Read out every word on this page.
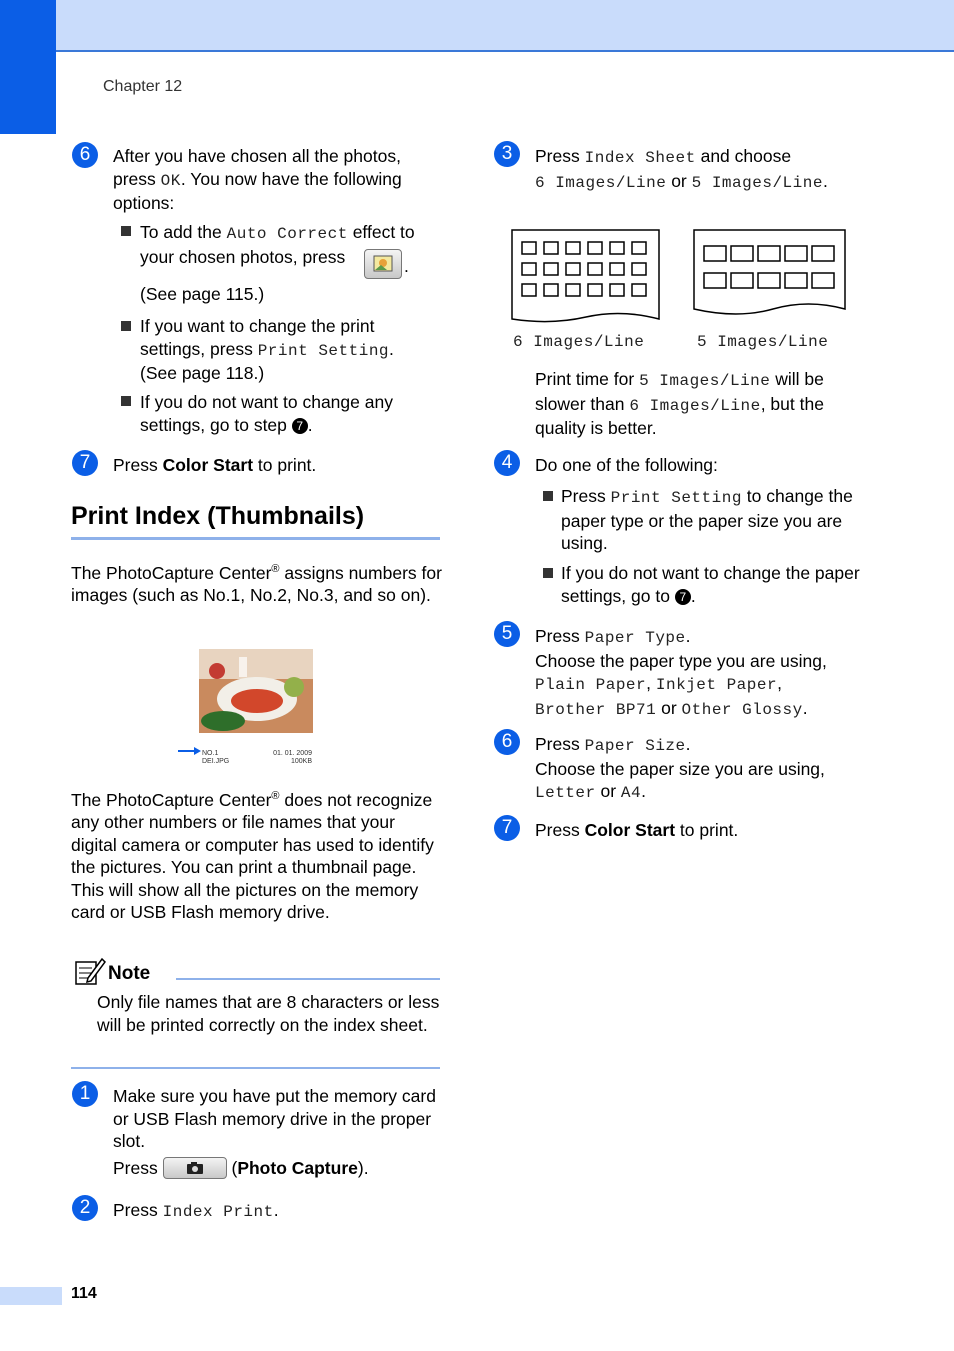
Chapter 12
6	After you have chosen all the photos, press OK. You now have the following options:
To add the Auto Correct effect to your chosen photos, press	.
(See page 115.)
If you want to change the print settings, press Print Setting.
(See page 118.)
If you do not want to change any settings, go to step 7 .
7	Press Color Start to print.
Print Index (Thumbnails)
The PhotoCapture Center® assigns numbers for images (such as No.1, No.2, No.3, and so on).
NO.1
DEI.JPG
01. 01. 2009
100KB
The PhotoCapture Center® does not recognize any other numbers or file names that your digital camera or computer has used to identify the pictures. You can print a thumbnail page. This will show all the pictures on the memory card or USB Flash memory drive.
Note
Only file names that are 8 characters or less will be printed correctly on the index sheet.
1	Make sure you have put the memory card or USB Flash memory drive in the proper slot.
Press	(Photo Capture).
2	Press Index Print.
3	Press Index Sheet and choose
6 Images/Line or 5 Images/Line.
6 Images/Line	5 Images/Line
Print time for 5 Images/Line will be slower than 6 Images/Line, but the quality is better.
4	Do one of the following:
Press Print Setting to change the paper type or the paper size you are using.
If you do not want to change the paper settings, go to 7 .
5	Press Paper Type.
Choose the paper type you are using,
Plain Paper, Inkjet Paper,
Brother BP71 or Other Glossy.
6	Press Paper Size.
Choose the paper size you are using,
Letter or A4.
7	Press Color Start to print.
114
